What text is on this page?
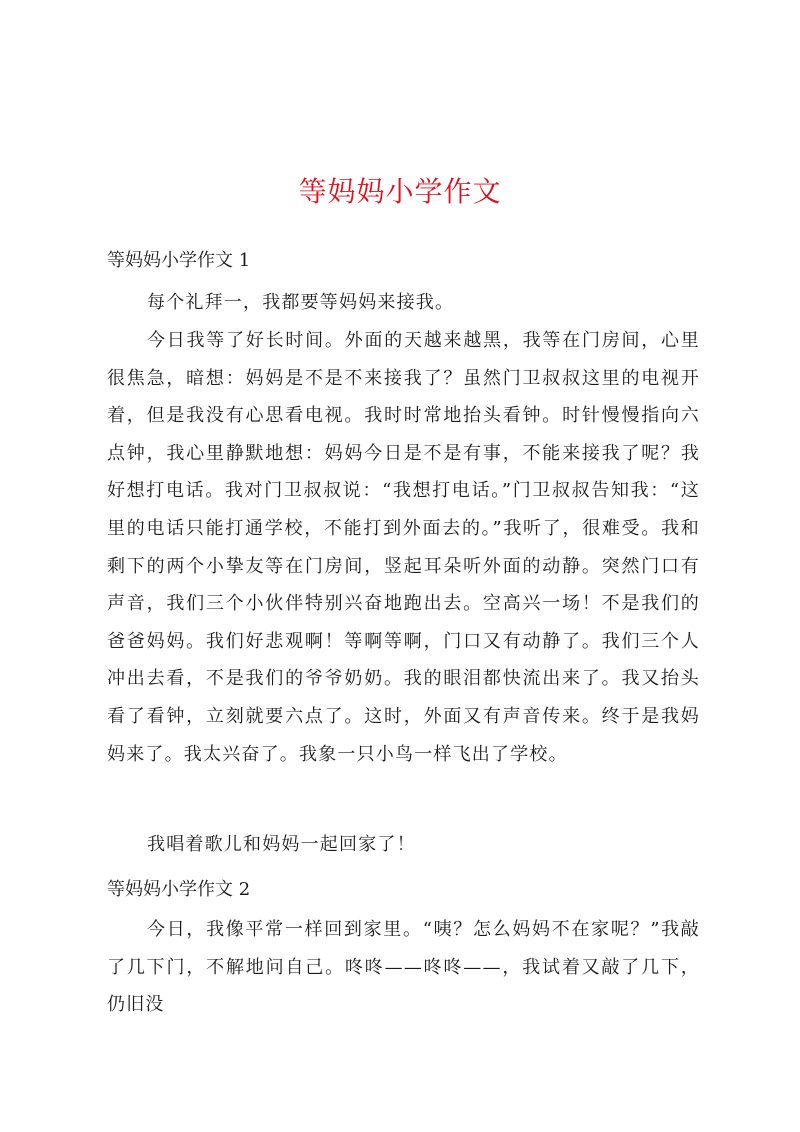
等妈妈小学作文
等妈妈小学作文 1
每个礼拜一，我都要等妈妈来接我。
今日我等了好长时间。外面的天越来越黑，我等在门房间，心里很焦急，暗想：妈妈是不是不来接我了？虽然门卫叔叔这里的电视开着，但是我没有心思看电视。我时时常地抬头看钟。时针慢慢指向六点钟，我心里静默地想：妈妈今日是不是有事，不能来接我了呢？我好想打电话。我对门卫叔叔说：“我想打电话。”门卫叔叔告知我：“这里的电话只能打通学校，不能打到外面去的。”我听了，很难受。我和剩下的两个小挚友等在门房间，竖起耳朵听外面的动静。突然门口有声音，我们三个小伙伴特别兴奋地跑出去。空高兴一场！不是我们的爸爸妈妈。我们好悲观啊！等啊等啊，门口又有动静了。我们三个人冲出去看，不是我们的爷爷奶奶。我的眼泪都快流出来了。我又抬头看了看钟，立刻就要六点了。这时，外面又有声音传来。终于是我妈妈来了。我太兴奋了。我象一只小鸟一样飞出了学校。
我唱着歌儿和妈妈一起回家了！
等妈妈小学作文 2
今日，我像平常一样回到家里。“咦？怎么妈妈不在家呢？”我敲了几下门，不解地问自己。咚咚——咚咚——，我试着又敲了几下，仍旧没
